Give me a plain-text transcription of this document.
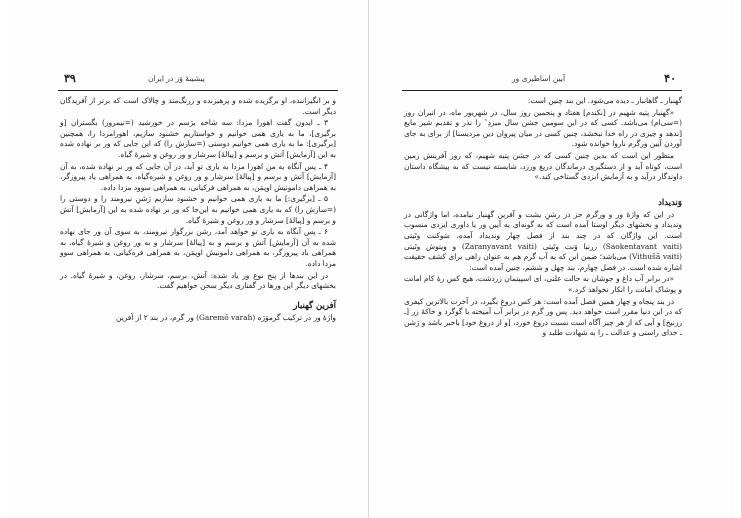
۳۹	پیشینهٔ وَر در ایران

و بر انگیزاننده، او برگزیده شده و پرهیزنده و زرنگ‌مند و چالاک است که برتر از آفریدگان دیگر است.

۳ ـ ایدون گفت اهورا مزدا: سه شاخه برَسم در خورشید (=نیمروز) بگستران [و برگیری]، ما به یاری همی خوانیم و خواستاریم خشنود سازیم، اهورامزدا را، همچنین [برگیری]: ما به یاری همی خوانیم دوستی (=سازش را) که این جایی که ور بر نهاده شده به این [آزمایش] آتش و برسم و [پیالهٔ] سرشار و ور روغن و شیرهٔ گیاه.

۴ ـ پس آنگاه به من اهورا مزدا به یاری تو آید، در آن جایی که ور بر نهاده شده، به آن [آزمایش] آتش و برسم و [پیالهٔ] سرشار و ور روغن و شیره‌گیاه، به همراهی یاد پیروزگر، به همراهی دامونیش اوپمَن، به همراهی فرکیانی، به همراهی سوود مزدا داده.

۵ ـ [برگیری:] ما به یاری همی خوانیم و خشنود سازیم رَشنِ نیرومند را و دوستی را (=سازش را) که به یاری همی خوانیم به این‌جا که ور بر نهاده شده به این [آزمایش] آتش و برسم و [پیالهٔ] سرشار و ور روغن و شیرهٔ گیاه.

۶ ـ پس آنگاه به یاری تو خواهد آمد، رشن بزرگوار نیرومند، به سوی آن ور جای نهاده شده به آن [آزمایش] آتش و برسم و به [پیالهٔ] سرشار و به ور روغن و شیرهٔ گیاه، به همراهی باد پیروزگر، به همراهی دامونیش اوپمَن، به همراهی فره‌کیانی، به همراهی سوو مزدا داده.

در این بندها از پنج نوع ور یاد شده: آتش، برسم، سرشار، روغن، و شیرهٔ گیاه. در بخشهای دیگر این ورها در گفتاری دیگر سخن خواهیم گفت.

آفرین گهنبار

واژهٔ ور در ترکیب گرموَرَه (Garemō varah) ور گرم، در بند ۲ از آفرین

۴۰
آیین اساطیری ور

گهنبار ـ گاهانبار ـ دیده می‌شود. این بند چنین است:

«گهنبار پتیه شهیم در [نکندم] هفتاد و پنجمین روز سال، در شهریور ماه، در انیران روز (=سی‌ام) می‌باشد. کسی که در این سومین جشن سال میزدِ ٔ را نذر و تقدیم شیر مایع [ندهد و چیزی در راه خدا نبخشد، چنین کسی در میان پیروان دین مزدیسنا] از برای به جای آوردن آیین ورگرم ناروا خوانده شود.

منظور این است که بدین چنین کسی که در جشن پتیه شهیم، که روز آفرینش زمین است، کوتاه آید و از دستگیری درماندگان دریغ ورزد، شایسته نیست که به پیشگاه داستان داوندگار درآید و به آزمایش ایزدی گستاخی کند.»

وَندیداد

در این که واژهٔ ور و ورگرم جز در رشنِ یشت و آفرین گهنبار نیامده، اما واژگانی در وندیداد و بخشهای دیگر اوستا آمده است که به گونه‌ای به آیین ور یا داوری ایزدی منسوب است. این واژگان که در چند بند از فصل چهار وندیداد آمده، سَوکنت وتَیتی (Saokentavant vaiti) زرنیا وَنت وتَیتی (Zaranyavant vaiti) و ویتوش وتَیتی (Vithušā vaiti) می‌باشد؛ ضمن این که به آب گرم هم به عنوان راهی برای کشف حقیقت اشاره شده است. در فصل چهارم، بند چهل و ششم، چنین آمده است:

«در برابر آب داغ و جوشان به حالت علنی، ای اسپیتمان زردشت، هیچ کس رهٔ کام امانت و پوشاک امانت را انکار نخواهد کرد.»

در بند پنجاه و چهار همین فصل آمده است: هر کس دروغ بگیرد، در آخرت بالاترین کیفری که در این دنیا مقرر است خواهد دید. پس ور گرم در برابر آب آمیخته با گوگرد و خاکهٔ زر [ـ زرنیخ] و آبی که از هر چیز آگاه است نسبت دروغ خورد، [و از دروغ خود] باخبر باشد و رَشن ـ خدای راستی و عدالت ـ را به شهادت طلبد و
